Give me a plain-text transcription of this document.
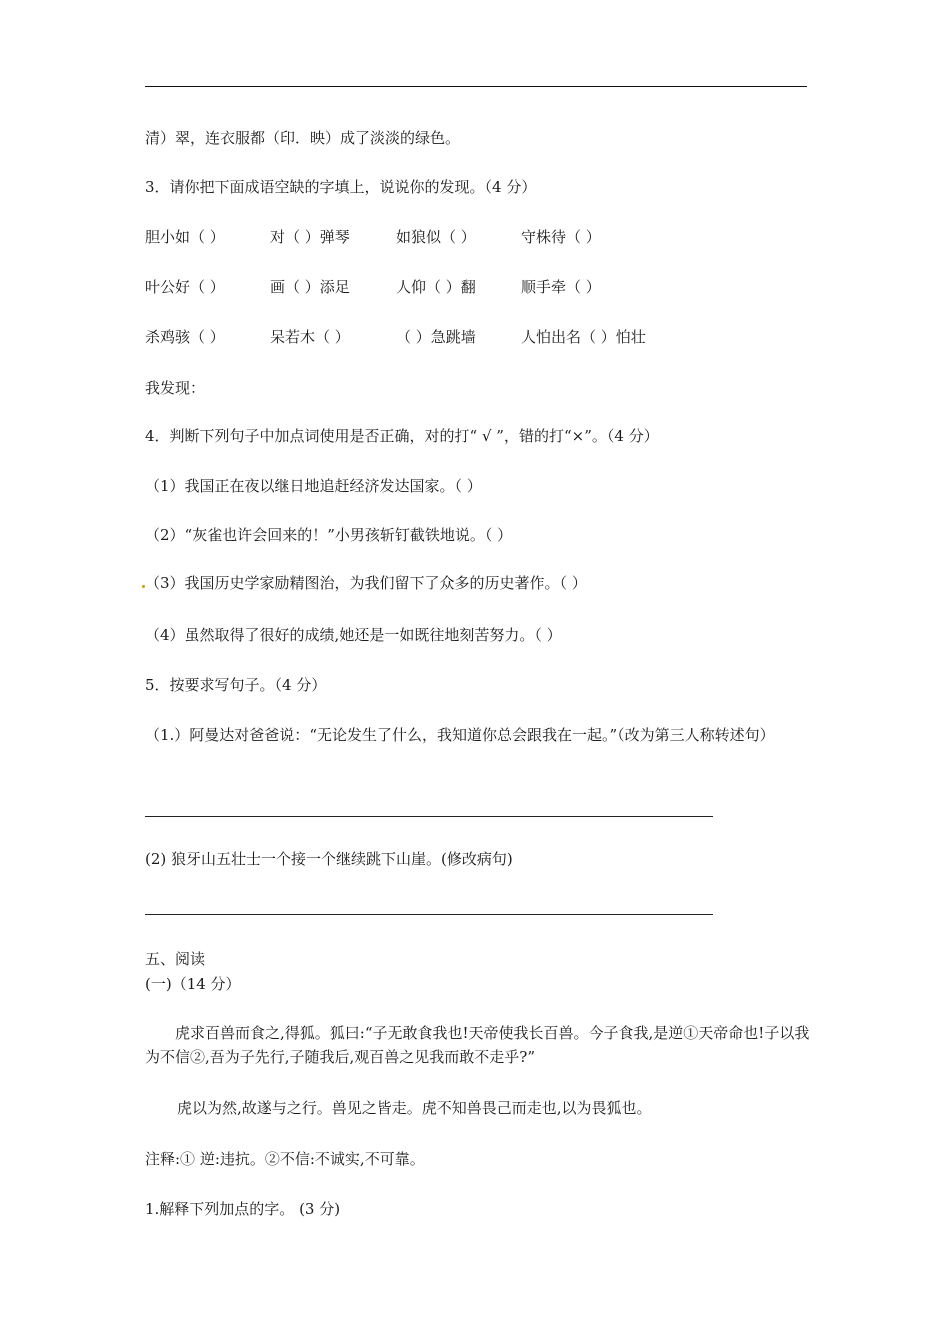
清）翠，连衣服都（印．映）成了淡淡的绿色。
3．请你把下面成语空缺的字填上，说说你的发现。（4 分）
胆小如（ ）	对（ ）弹琴	如狼似（ ）	守株待（ ）
叶公好（ ）	画（ ）添足	人仰（ ）翻	顺手牵（ ）
杀鸡骇（ ）	呆若木（ ）	（ ）急跳墙	人怕出名（ ）怕壮
我发现：
4．判断下列句子中加点词使用是否正确，对的打“ √ ”，错的打“×”。（4 分）
（1）我国正在夜以继日地追赶经济发达国家。（ ）
（2）“灰雀也许会回来的！”小男孩斩钉截铁地说。（ ）
（3）我国历史学家励精图治，为我们留下了众多的历史著作。（ ）
（4）虽然取得了很好的成绩,她还是一如既往地刻苦努力。（ ）
5．按要求写句子。（4 分）
（1.）阿曼达对爸爸说：“无论发生了什么，我知道你总会跟我在一起。”（改为第三人称转述句）
(2) 狼牙山五壮士一个接一个继续跳下山崖。(修改病句)
五、阅读
(一)（14 分）
虎求百兽而食之,得狐。狐曰:“子无敢食我也!天帝使我长百兽。今子食我,是逆①天帝命也!子以我为不信②,吾为子先行,子随我后,观百兽之见我而敢不走乎?”
虎以为然,故遂与之行。兽见之皆走。虎不知兽畏己而走也,以为畏狐也。
注释:① 逆:违抗。②不信:不诚实,不可靠。
1.解释下列加点的字。 (3 分)
